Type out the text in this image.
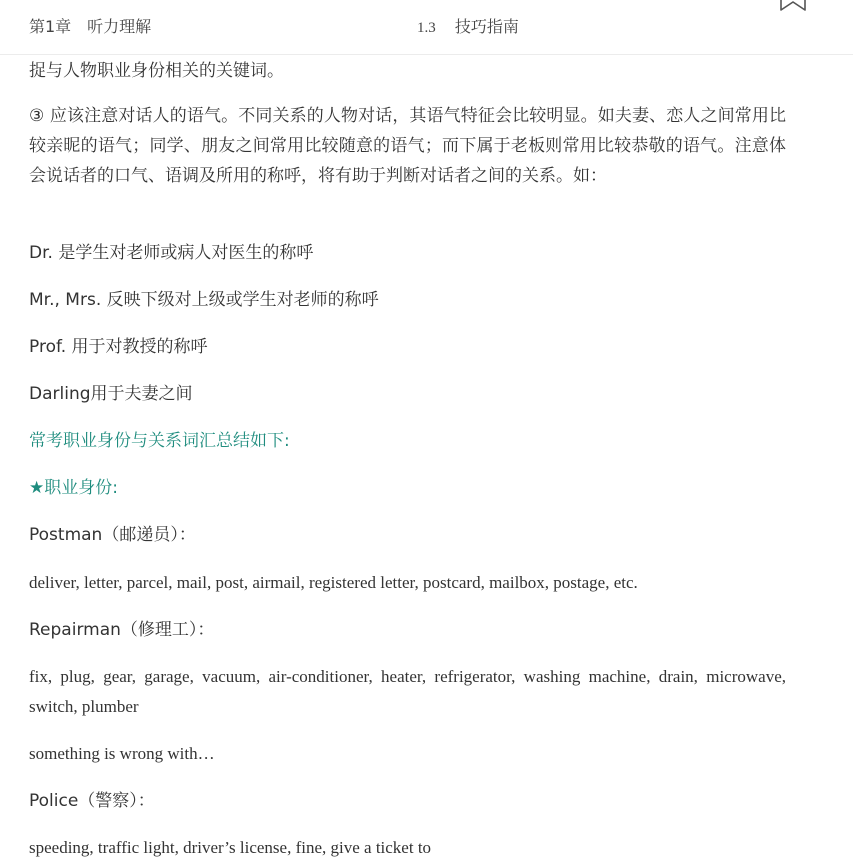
第1章　听力理解	1.3 技巧指南

捉与人物职业身份相关的关键词。

③ 应该注意对话人的语气。不同关系的人物对话，其语气特征会比较明显。如夫妻、恋人之间常用比较亲昵的语气；同学、朋友之间常用比较随意的语气；而下属于老板则常用比较恭敬的语气。注意体会说话者的口气、语调及所用的称呼，将有助于判断对话者之间的关系。如：

Dr. 是学生对老师或病人对医生的称呼

Mr., Mrs. 反映下级对上级或学生对老师的称呼

Prof. 用于对教授的称呼

Darling用于夫妻之间

常考职业身份与关系词汇总结如下:

★职业身份:

Postman（邮递员）：

deliver, letter, parcel, mail, post, airmail, registered letter, postcard, mailbox, postage, etc.

Repairman（修理工）：

fix, plug, gear, garage, vacuum, air-conditioner, heater, refrigerator, washing machine, drain, microwave, switch, plumber

something is wrong with…

Police（警察）：

speeding, traffic light, driver’s license, fine, give a ticket to
